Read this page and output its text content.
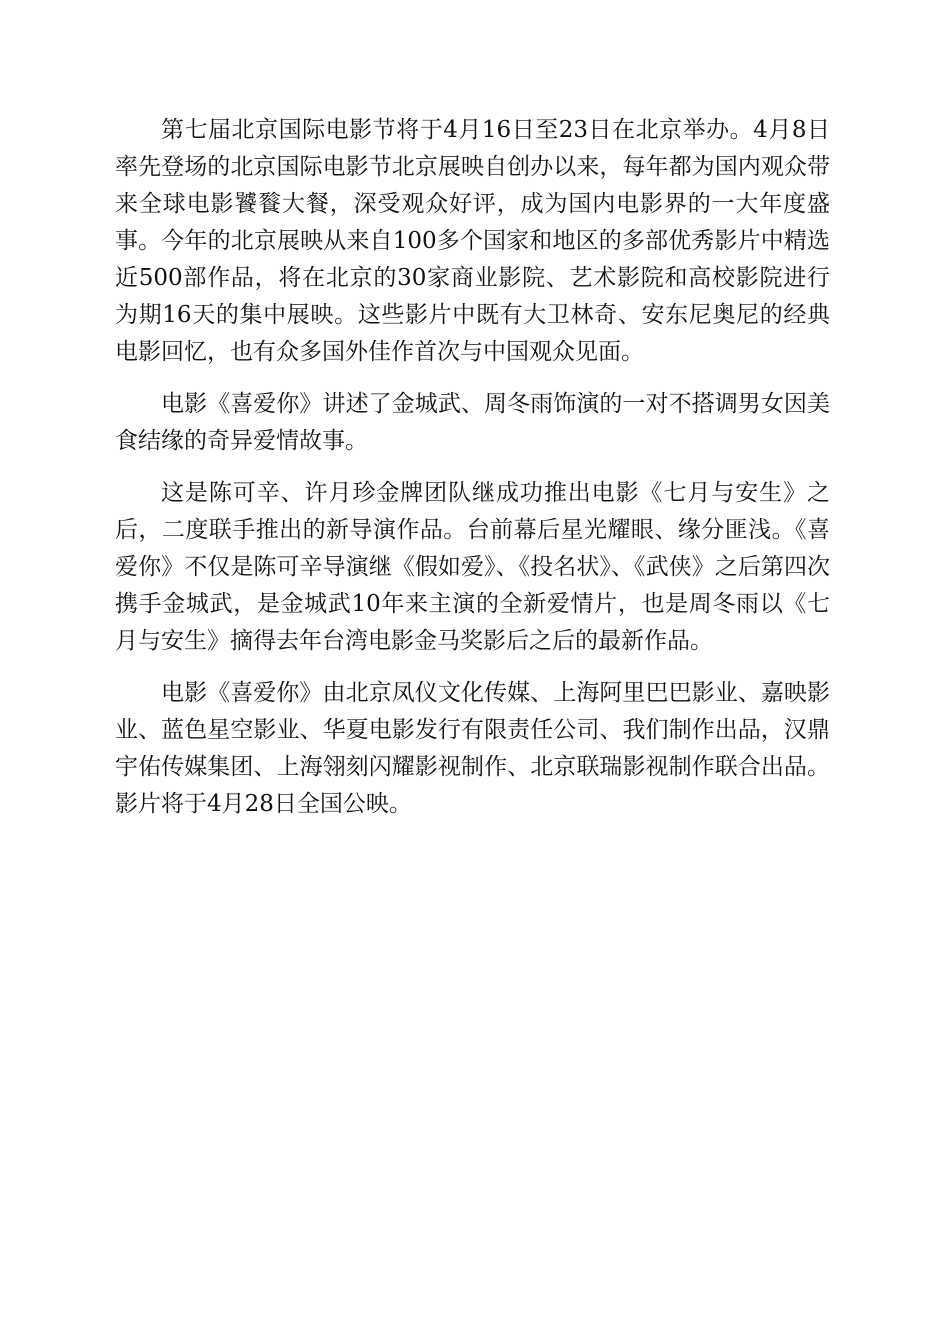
第七届北京国际电影节将于4月16日至23日在北京举办。4月8日率先登场的北京国际电影节北京展映自创办以来，每年都为国内观众带来全球电影饕餮大餐，深受观众好评，成为国内电影界的一大年度盛事。今年的北京展映从来自100多个国家和地区的多部优秀影片中精选近500部作品，将在北京的30家商业影院、艺术影院和高校影院进行为期16天的集中展映。这些影片中既有大卫林奇、安东尼奥尼的经典电影回忆，也有众多国外佳作首次与中国观众见面。

电影《喜爱你》讲述了金城武、周冬雨饰演的一对不搭调男女因美食结缘的奇异爱情故事。

这是陈可辛、许月珍金牌团队继成功推出电影《七月与安生》之后，二度联手推出的新导演作品。台前幕后星光耀眼、缘分匪浅。《喜爱你》不仅是陈可辛导演继《假如爱》、《投名状》、《武侠》之后第四次携手金城武，是金城武10年来主演的全新爱情片，也是周冬雨以《七月与安生》摘得去年台湾电影金马奖影后之后的最新作品。

电影《喜爱你》由北京凤仪文化传媒、上海阿里巴巴影业、嘉映影业、蓝色星空影业、华夏电影发行有限责任公司、我们制作出品，汉鼎宇佑传媒集团、上海翎刻闪耀影视制作、北京联瑞影视制作联合出品。影片将于4月28日全国公映。
